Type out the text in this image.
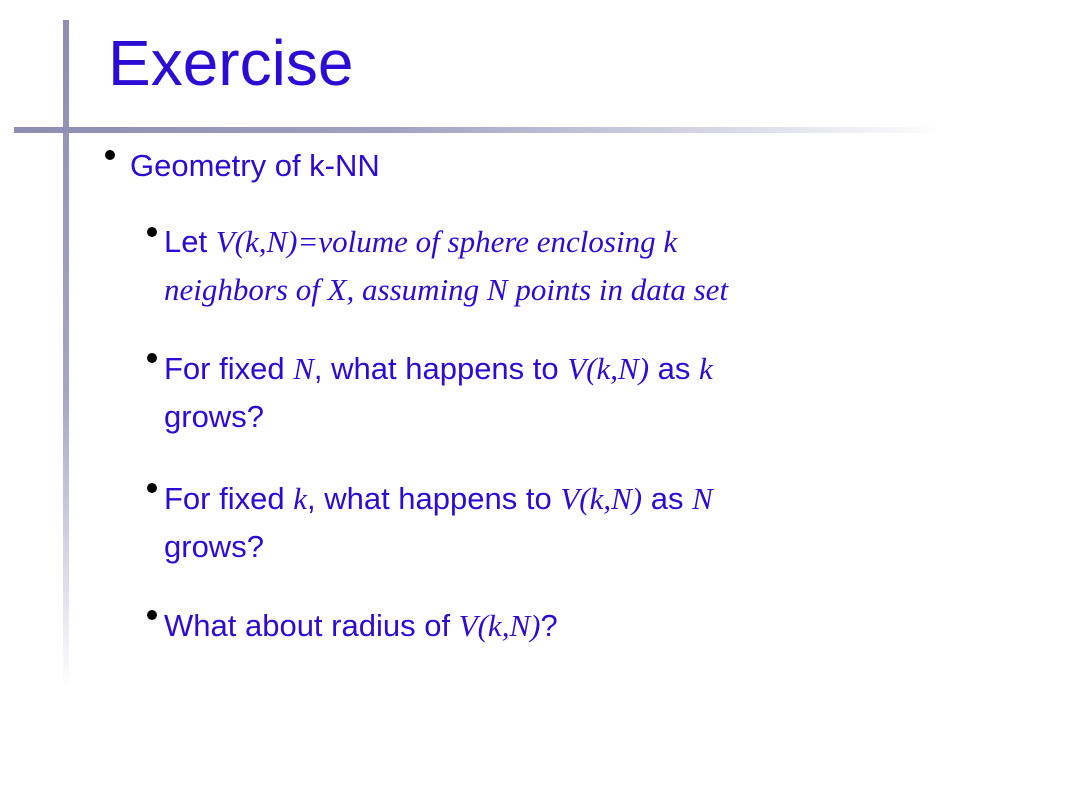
Exercise
Geometry of k-NN
Let V(k,N)=volume of sphere enclosing k
neighbors of X, assuming N points in data set
For fixed N, what happens to V(k,N) as k
grows?
For fixed k, what happens to V(k,N) as N
grows?
What about radius of V(k,N)?
